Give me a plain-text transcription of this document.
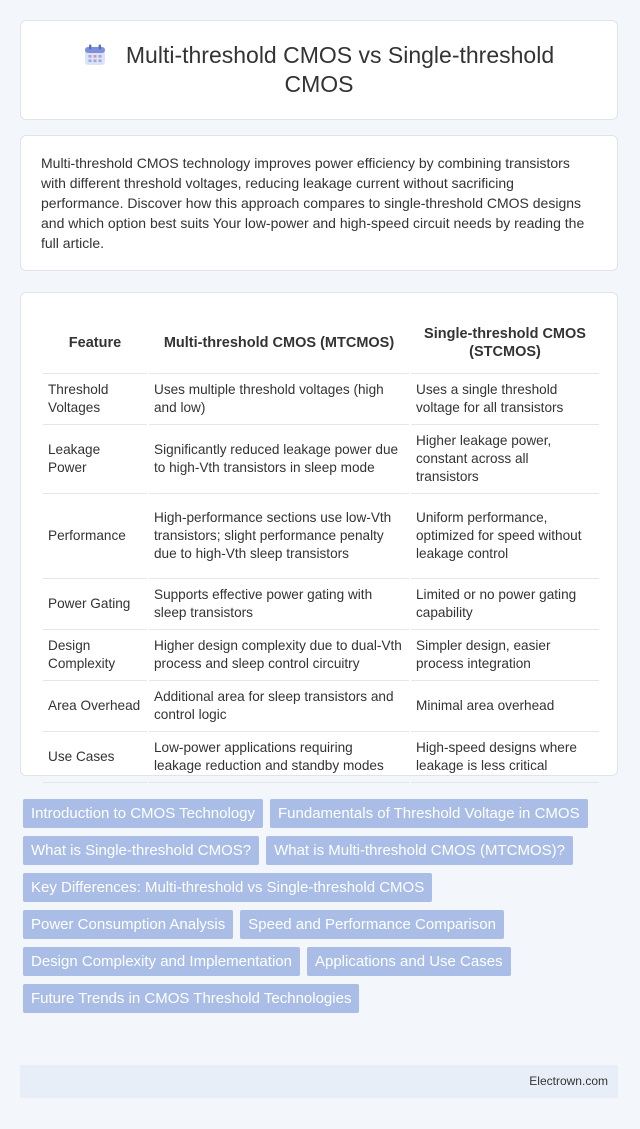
Multi-threshold CMOS vs Single-threshold CMOS
Multi-threshold CMOS technology improves power efficiency by combining transistors with different threshold voltages, reducing leakage current without sacrificing performance. Discover how this approach compares to single-threshold CMOS designs and which option best suits Your low-power and high-speed circuit needs by reading the full article.
Feature	Multi-threshold CMOS (MTCMOS)	Single-threshold CMOS (STCMOS)
Threshold Voltages	Uses multiple threshold voltages (high and low)	Uses a single threshold voltage for all transistors
Leakage Power	Significantly reduced leakage power due to high-Vth transistors in sleep mode	Higher leakage power, constant across all transistors
Performance	High-performance sections use low-Vth transistors; slight performance penalty due to high-Vth sleep transistors	Uniform performance, optimized for speed without leakage control
Power Gating	Supports effective power gating with sleep transistors	Limited or no power gating capability
Design Complexity	Higher design complexity due to dual-Vth process and sleep control circuitry	Simpler design, easier process integration
Area Overhead	Additional area for sleep transistors and control logic	Minimal area overhead
Use Cases	Low-power applications requiring leakage reduction and standby modes	High-speed designs where leakage is less critical
Introduction to CMOS Technology	Fundamentals of Threshold Voltage in CMOS
What is Single-threshold CMOS?	What is Multi-threshold CMOS (MTCMOS)?
Key Differences: Multi-threshold vs Single-threshold CMOS
Power Consumption Analysis	Speed and Performance Comparison
Design Complexity and Implementation	Applications and Use Cases
Future Trends in CMOS Threshold Technologies
Electrown.com
